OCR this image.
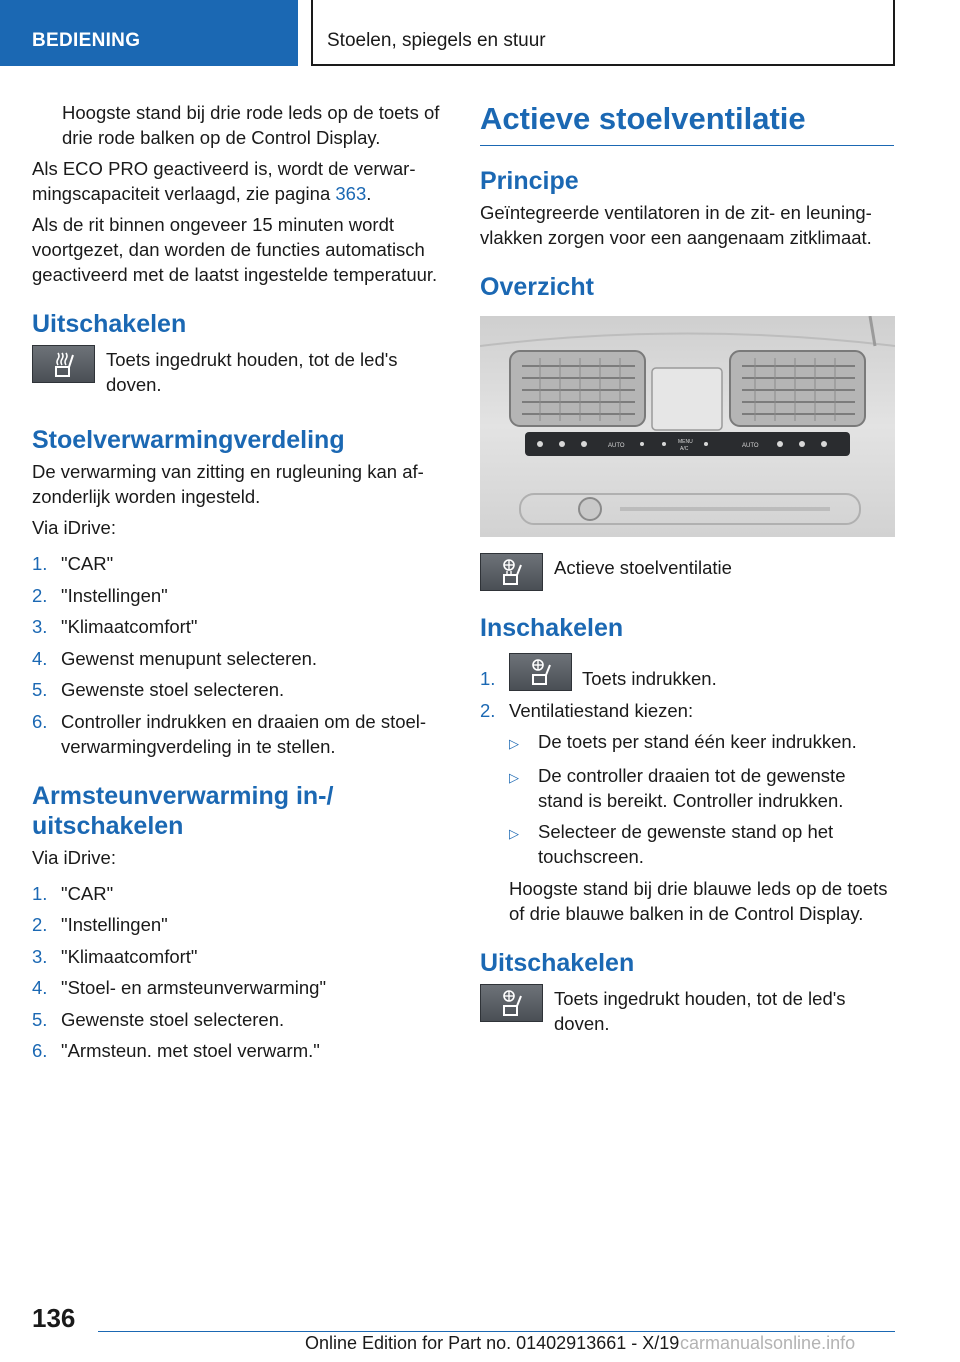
BEDIENING	Stoelen, spiegels en stuur

Hoogste stand bij drie rode leds op de toets of drie rode balken op de Control Display.

Als ECO PRO geactiveerd is, wordt de verwarmingscapaciteit verlaagd, zie pagina 363.

Als de rit binnen ongeveer 15 minuten wordt voortgezet, dan worden de functies automatisch geactiveerd met de laatst ingestelde temperatuur.

Uitschakelen

Toets ingedrukt houden, tot de led's doven.

Stoelverwarmingverdeling

De verwarming van zitting en rugleuning kan afzonderlijk worden ingesteld.

Via iDrive:

1. "CAR"
2. "Instellingen"
3. "Klimaatcomfort"
4. Gewenst menupunt selecteren.
5. Gewenste stoel selecteren.
6. Controller indrukken en draaien om de stoelverwarmingverdeling in te stellen.
Armsteunverwarming in-/ uitschakelen

Via iDrive:

1. "CAR"
2. "Instellingen"
3. "Klimaatcomfort"
4. "Stoel- en armsteunverwarming"
5. Gewenste stoel selecteren.
6. "Armsteun. met stoel verwarm."
Actieve stoelventilatie
Principe

Geïntegreerde ventilatoren in de zit- en leuningvlakken zorgen voor een aangenaam zitklimaat.

Overzicht
AUTO
MENU
A/C	AUTO

Actieve stoelventilatie

Inschakelen
1.	Toets indrukken.
2. Ventilatiestand kiezen:
▷	De toets per stand één keer indrukken.
▷	De controller draaien tot de gewenste stand is bereikt. Controller indrukken.
▷	Selecteer de gewenste stand op het touchscreen.

Hoogste stand bij drie blauwe leds op de toets of drie blauwe balken in de Control Display.

Uitschakelen

Toets ingedrukt houden, tot de led's doven.

136
Online Edition for Part no. 01402913661 - X/19 carmanualsonline.info
